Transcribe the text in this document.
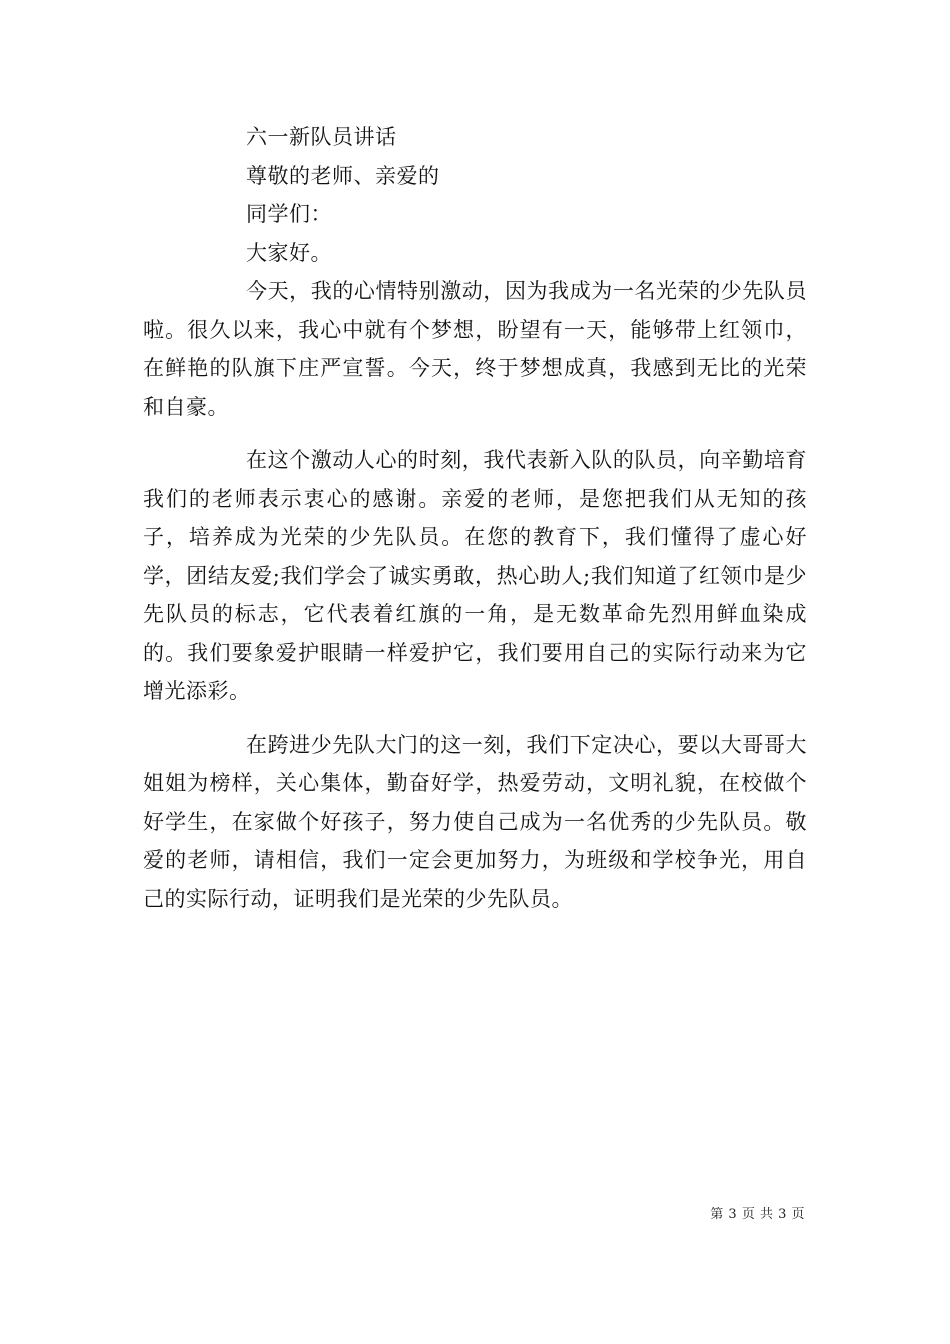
六一新队员讲话

尊敬的老师、亲爱的

同学们：

大家好。

今天，我的心情特别激动，因为我成为一名光荣的少先队员啦。很久以来，我心中就有个梦想，盼望有一天，能够带上红领巾，在鲜艳的队旗下庄严宣誓。今天，终于梦想成真，我感到无比的光荣和自豪。

在这个激动人心的时刻，我代表新入队的队员，向辛勤培育我们的老师表示衷心的感谢。亲爱的老师，是您把我们从无知的孩子，培养成为光荣的少先队员。在您的教育下，我们懂得了虚心好学，团结友爱;我们学会了诚实勇敢，热心助人;我们知道了红领巾是少先队员的标志，它代表着红旗的一角，是无数革命先烈用鲜血染成的。我们要象爱护眼睛一样爱护它，我们要用自己的实际行动来为它增光添彩。

在跨进少先队大门的这一刻，我们下定决心，要以大哥哥大姐姐为榜样，关心集体，勤奋好学，热爱劳动，文明礼貌，在校做个好学生，在家做个好孩子，努力使自己成为一名优秀的少先队员。敬爱的老师，请相信，我们一定会更加努力，为班级和学校争光，用自己的实际行动，证明我们是光荣的少先队员。

第 3 页 共 3 页
